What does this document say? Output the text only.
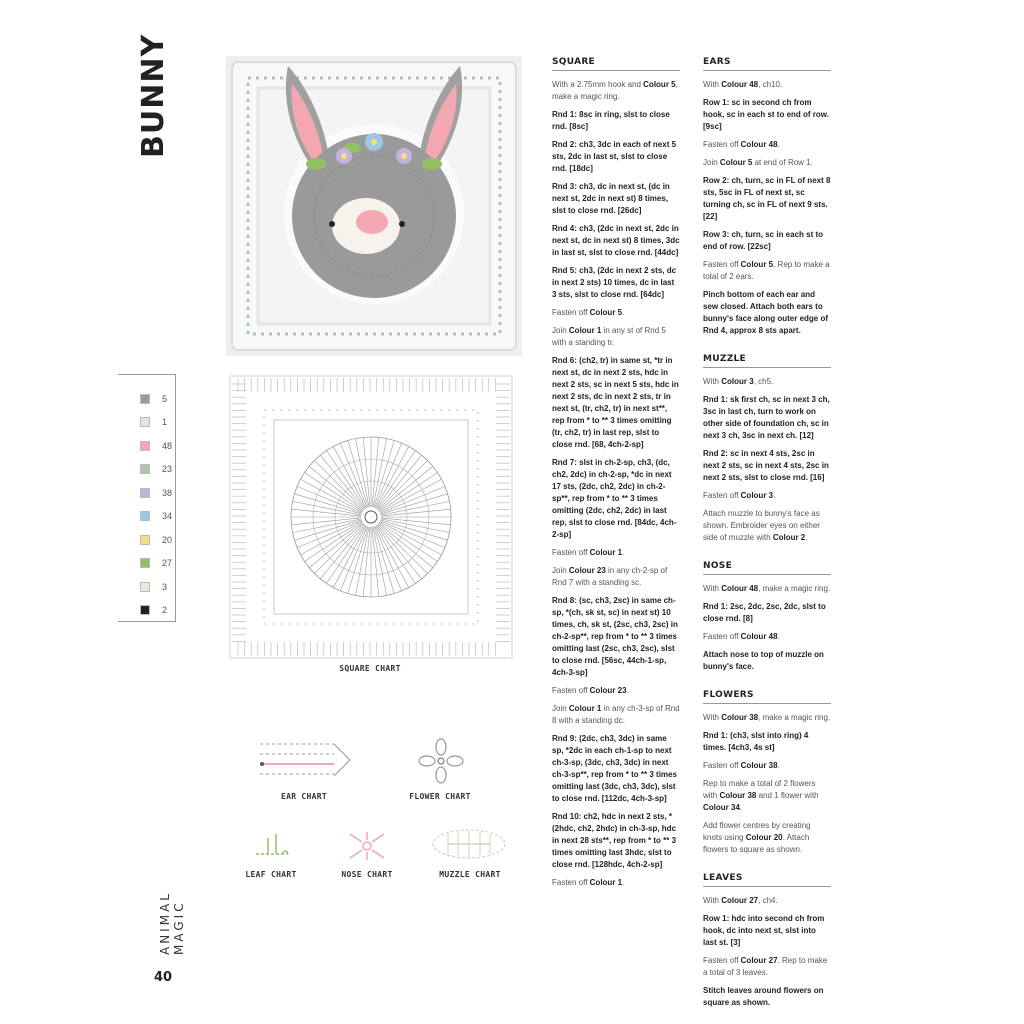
BUNNY
ANIMAL MAGIC
40
5
1
48
23
38
34
20
27
3
2
SQUARE CHART
EAR CHART	FLOWER CHART
LEAF CHART	NOSE CHART	MUZZLE CHART
SQUARE

With a 2.75mm hook and Colour 5, make a magic ring.

Rnd 1: 8sc in ring, slst to close rnd. [8sc]

Rnd 2: ch3, 3dc in each of next 5 sts, 2dc in last st, slst to close rnd. [18dc]

Rnd 3: ch3, dc in next st, (dc in next st, 2dc in next st) 8 times, slst to close rnd. [26dc]

Rnd 4: ch3, (2dc in next st, 2dc in next st, dc in next st) 8 times, 3dc in last st, slst to close rnd. [44dc]

Rnd 5: ch3, (2dc in next 2 sts, dc in next 2 sts) 10 times, dc in last 3 sts, slst to close rnd. [64dc]

Fasten off Colour 5.

Join Colour 1 in any st of Rnd 5 with a standing tr.

Rnd 6: (ch2, tr) in same st, *tr in next st, dc in next 2 sts, hdc in next 2 sts, sc in next 5 sts, hdc in next 2 sts, dc in next 2 sts, tr in next st, (tr, ch2, tr) in next st**, rep from * to ** 3 times omitting (tr, ch2, tr) in last rep, slst to close rnd. [68, 4ch-2-sp]

Rnd 7: slst in ch-2-sp, ch3, (dc, ch2, 2dc) in ch-2-sp, *dc in next 17 sts, (2dc, ch2, 2dc) in ch-2-sp**, rep from * to ** 3 times omitting (2dc, ch2, 2dc) in last rep, slst to close rnd. [84dc, 4ch-2-sp]

Fasten off Colour 1.

Join Colour 23 in any ch-2-sp of Rnd 7 with a standing sc.

Rnd 8: (sc, ch3, 2sc) in same ch-sp, *(ch, sk st, sc) in next st) 10 times, ch, sk st, (2sc, ch3, 2sc) in ch-2-sp**, rep from * to ** 3 times omitting last (2sc, ch3, 2sc), slst to close rnd. [56sc, 44ch-1-sp, 4ch-3-sp]

Fasten off Colour 23.

Join Colour 1 in any ch-3-sp of Rnd 8 with a standing dc.

Rnd 9: (2dc, ch3, 3dc) in same sp, *2dc in each ch-1-sp to next ch-3-sp, (3dc, ch3, 3dc) in next ch-3-sp**, rep from * to ** 3 times omitting last (3dc, ch3, 3dc), slst to close rnd. [112dc, 4ch-3-sp]

Rnd 10: ch2, hdc in next 2 sts, *(2hdc, ch2, 2hdc) in ch-3-sp, hdc in next 28 sts**, rep from * to ** 3 times omitting last 3hdc, slst to close rnd. [128hdc, 4ch-2-sp]

Fasten off Colour 1.

EARS

With Colour 48, ch10.

Row 1: sc in second ch from hook, sc in each st to end of row. [9sc]

Fasten off Colour 48.

Join Colour 5 at end of Row 1.

Row 2: ch, turn, sc in FL of next 8 sts, 5sc in FL of next st, sc turning ch, sc in FL of next 9 sts. [22]

Row 3: ch, turn, sc in each st to end of row. [22sc]

Fasten off Colour 5. Rep to make a total of 2 ears.

Pinch bottom of each ear and sew closed. Attach both ears to bunny's face along outer edge of Rnd 4, approx 8 sts apart.

MUZZLE

With Colour 3, ch5.

Rnd 1: sk first ch, sc in next 3 ch, 3sc in last ch, turn to work on other side of foundation ch, sc in next 3 ch, 3sc in next ch. [12]

Rnd 2: sc in next 4 sts, 2sc in next 2 sts, sc in next 4 sts, 2sc in next 2 sts, slst to close rnd. [16]

Fasten off Colour 3.

Attach muzzle to bunny's face as shown. Embroider eyes on either side of muzzle with Colour 2.

NOSE

With Colour 48, make a magic ring.

Rnd 1: 2sc, 2dc, 2sc, 2dc, slst to close rnd. [8]

Fasten off Colour 48.

Attach nose to top of muzzle on bunny's face.

FLOWERS

With Colour 38, make a magic ring.

Rnd 1: (ch3, slst into ring) 4 times. [4ch3, 4s st]

Fasten off Colour 38.

Rep to make a total of 2 flowers with Colour 38 and 1 flower with Colour 34.

Add flower centres by creating knots using Colour 20. Attach flowers to square as shown.

LEAVES

With Colour 27, ch4.

Row 1: hdc into second ch from hook, dc into next st, slst into last st. [3]

Fasten off Colour 27. Rep to make a total of 3 leaves.

Stitch leaves around flowers on square as shown.
